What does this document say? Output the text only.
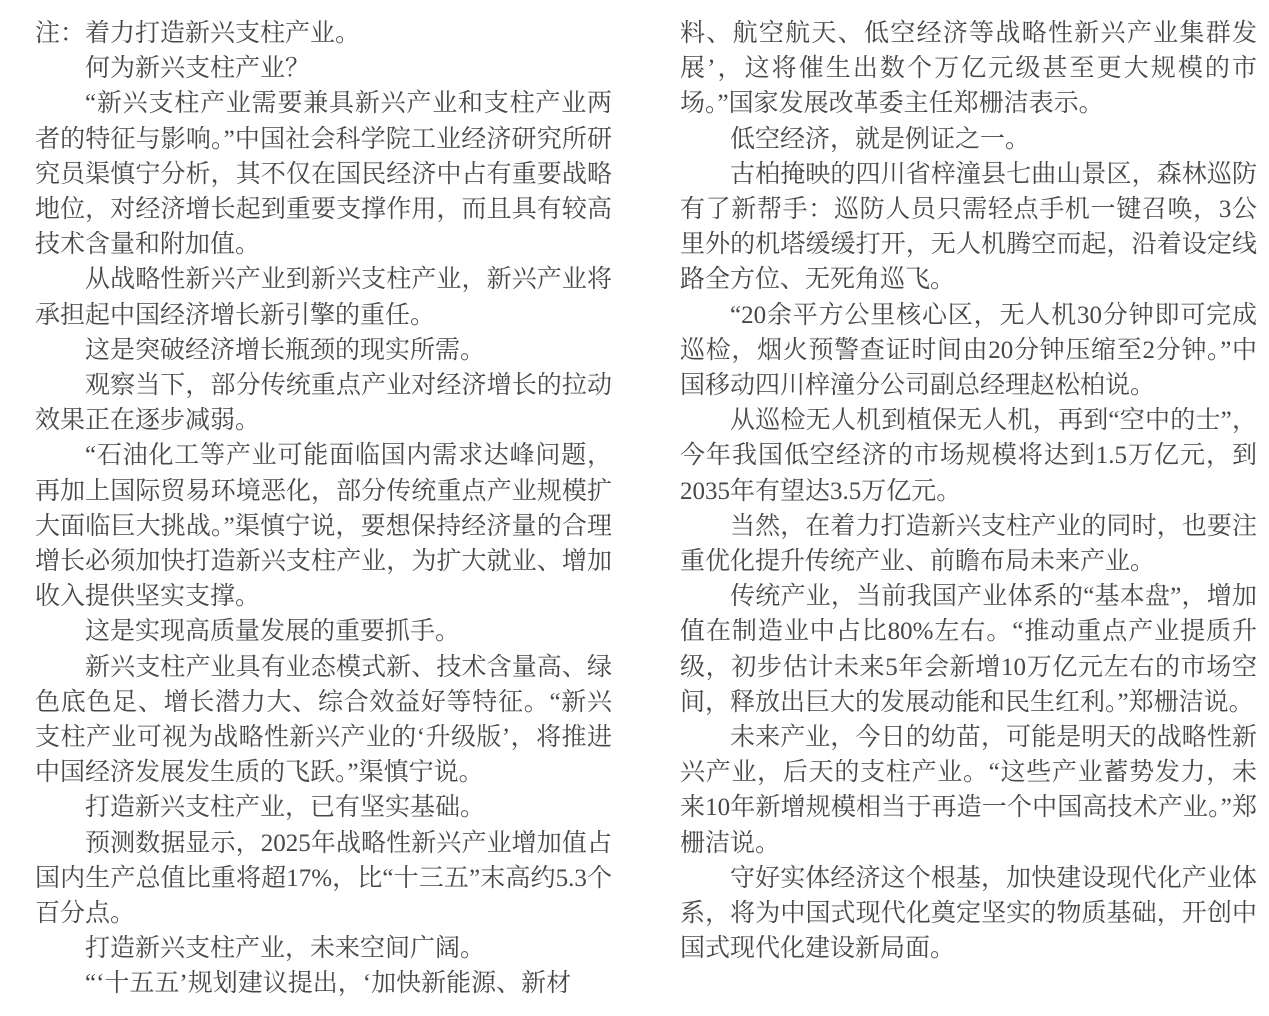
注：着力打造新兴支柱产业。

何为新兴支柱产业？

“新兴支柱产业需要兼具新兴产业和支柱产业两者的特征与影响。”中国社会科学院工业经济研究所研究员渠慎宁分析，其不仅在国民经济中占有重要战略地位，对经济增长起到重要支撑作用，而且具有较高技术含量和附加值。

从战略性新兴产业到新兴支柱产业，新兴产业将承担起中国经济增长新引擎的重任。

这是突破经济增长瓶颈的现实所需。

观察当下，部分传统重点产业对经济增长的拉动效果正在逐步减弱。

“石油化工等产业可能面临国内需求达峰问题，再加上国际贸易环境恶化，部分传统重点产业规模扩大面临巨大挑战。”渠慎宁说，要想保持经济量的合理增长必须加快打造新兴支柱产业，为扩大就业、增加收入提供坚实支撑。

这是实现高质量发展的重要抓手。

新兴支柱产业具有业态模式新、技术含量高、绿色底色足、增长潜力大、综合效益好等特征。“新兴支柱产业可视为战略性新兴产业的‘升级版’，将推进中国经济发展发生质的飞跃。”渠慎宁说。

打造新兴支柱产业，已有坚实基础。

预测数据显示，2025年战略性新兴产业增加值占国内生产总值比重将超17%，比“十三五”末高约5.3个百分点。

打造新兴支柱产业，未来空间广阔。

“‘十五五’规划建议提出，‘加快新能源、新材

料、航空航天、低空经济等战略性新兴产业集群发展’，这将催生出数个万亿元级甚至更大规模的市场。”国家发展改革委主任郑栅洁表示。

低空经济，就是例证之一。

古柏掩映的四川省梓潼县七曲山景区，森林巡防有了新帮手：巡防人员只需轻点手机一键召唤，3公里外的机塔缓缓打开，无人机腾空而起，沿着设定线路全方位、无死角巡飞。

“20余平方公里核心区，无人机30分钟即可完成巡检，烟火预警查证时间由20分钟压缩至2分钟。”中国移动四川梓潼分公司副总经理赵松柏说。

从巡检无人机到植保无人机，再到“空中的士”，今年我国低空经济的市场规模将达到1.5万亿元，到2035年有望达3.5万亿元。

当然，在着力打造新兴支柱产业的同时，也要注重优化提升传统产业、前瞻布局未来产业。

传统产业，当前我国产业体系的“基本盘”，增加值在制造业中占比80%左右。“推动重点产业提质升级，初步估计未来5年会新增10万亿元左右的市场空间，释放出巨大的发展动能和民生红利。”郑栅洁说。

未来产业，今日的幼苗，可能是明天的战略性新兴产业，后天的支柱产业。“这些产业蓄势发力，未来10年新增规模相当于再造一个中国高技术产业。”郑栅洁说。

守好实体经济这个根基，加快建设现代化产业体系，将为中国式现代化奠定坚实的物质基础，开创中国式现代化建设新局面。
